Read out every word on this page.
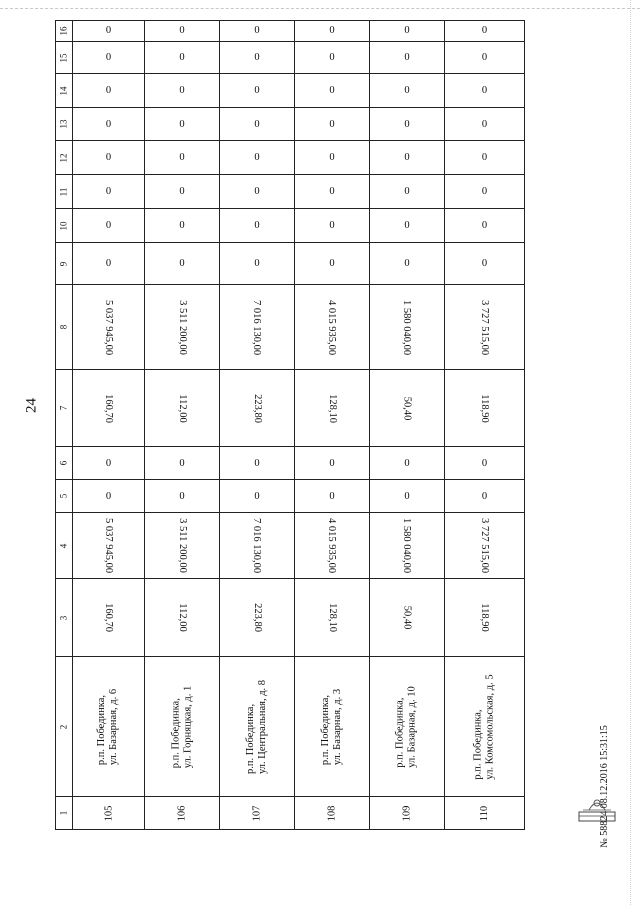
24
16	0	0	0	0	0	0
15	0	0	0	0	0	0
14	0	0	0	0	0	0
13	0	0	0	0	0	0
12	0	0	0	0	0	0
11	0	0	0	0	0	0
10	0	0	0	0	0	0
9	0	0	0	0	0	0
8	5 037 945,00	3 511 200,00	7 016 130,00	4 015 935,00	1 580 040,00	3 727 515,00
7	160,70	112,00	223,80	128,10	50,40	118,90
6	0	0	0	0	0	0
5	0	0	0	0	0	0
4	5 037 945,00	3 511 200,00	7 016 130,00	4 015 935,00	1 580 040,00	3 727 515,00
3	160,70	112,00	223,80	128,10	50,40	118,90
2	р.п. Побединка, ул. Базарная, д. 6	р.п. Побединка, ул. Горняцкая, д. 1	р.п. Побединка, ул. Центральная, д. 8	р.п. Побединка, ул. Базарная, д. 3	р.п. Побединка, ул. Базарная, д. 10	р.п. Побединка, ул. Комсомольская, д. 5
1	105	106	107	108	109	110	№ 58824 08.12.2016 15:31:15
